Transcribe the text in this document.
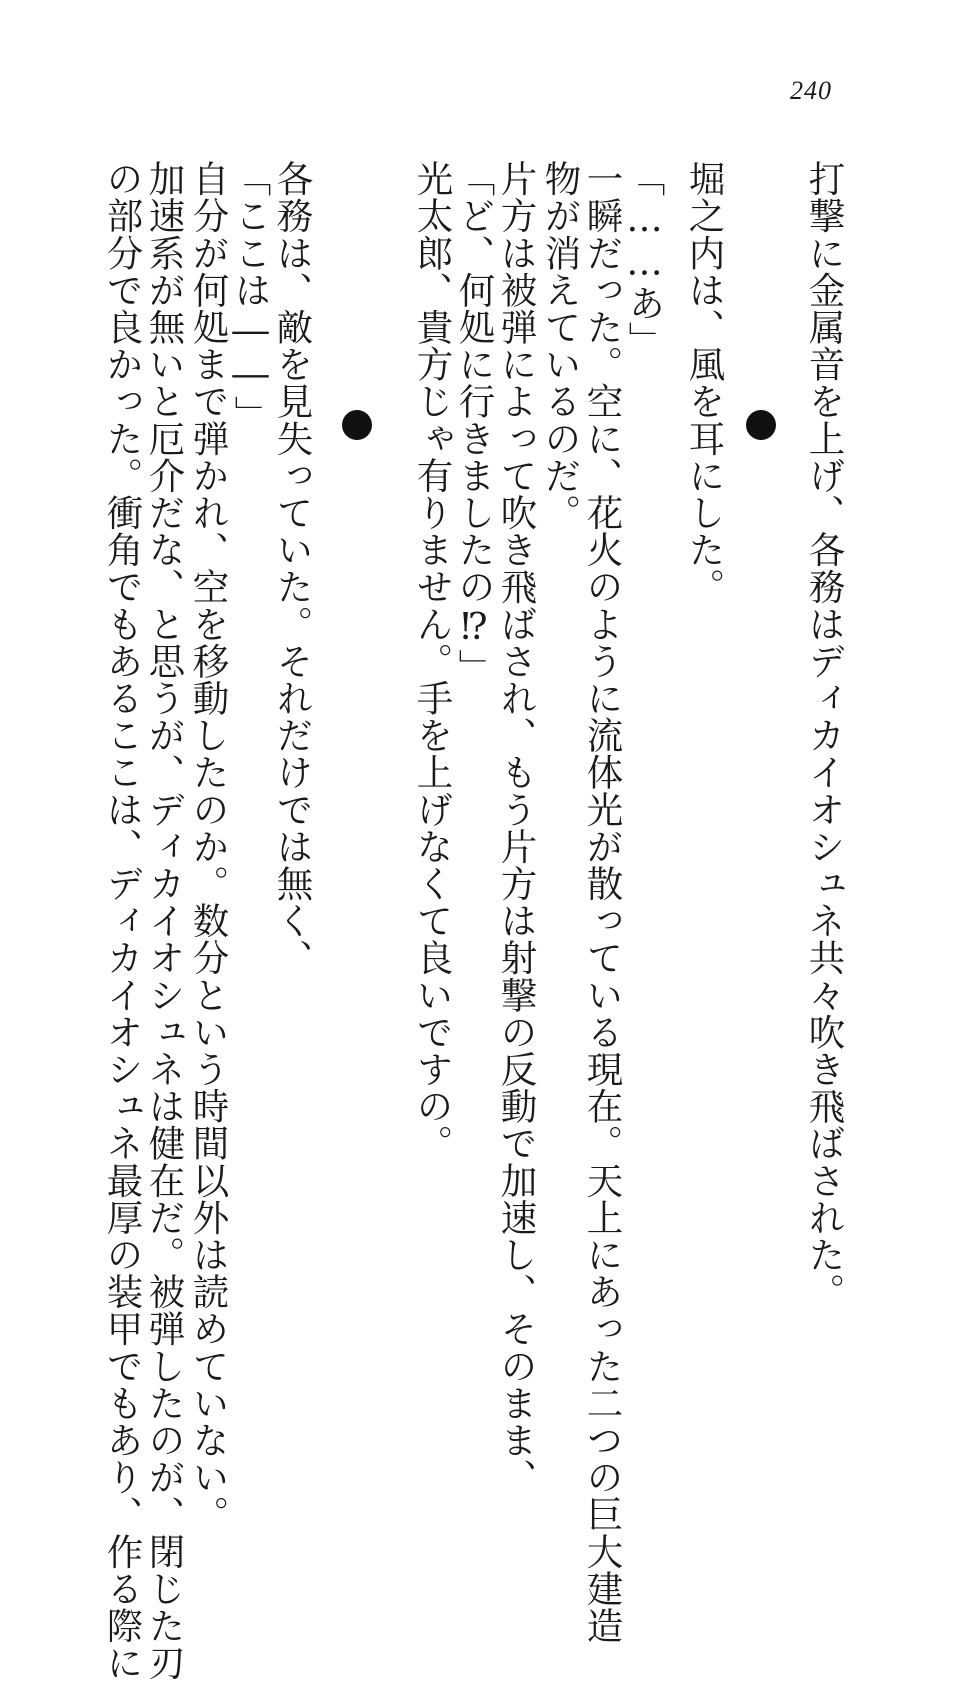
240
打撃に金属音を上げ、各務はディカイオシュネ共々吹き飛ばされた。
堀之内は、風を耳にした。
「……あ」
一瞬だった。空に、花火のように流体光が散っている現在。天上にあった二つの巨大建造
物が消えているのだ。
片方は被弾によって吹き飛ばされ、もう片方は射撃の反動で加速し、そのまま、
「ど、何処に行きましたの⁉」
光太郎、貴方じゃ有りません。手を上げなくて良いですの。
各務は、敵を見失っていた。それだけでは無く、
「ここは――」
自分が何処まで弾かれ、空を移動したのか。数分という時間以外は読めていない。
加速系が無いと厄介だな、と思うが、ディカイオシュネは健在だ。被弾したのが、閉じた刃
の部分で良かった。衝角でもあるここは、ディカイオシュネ最厚の装甲でもあり、作る際に
